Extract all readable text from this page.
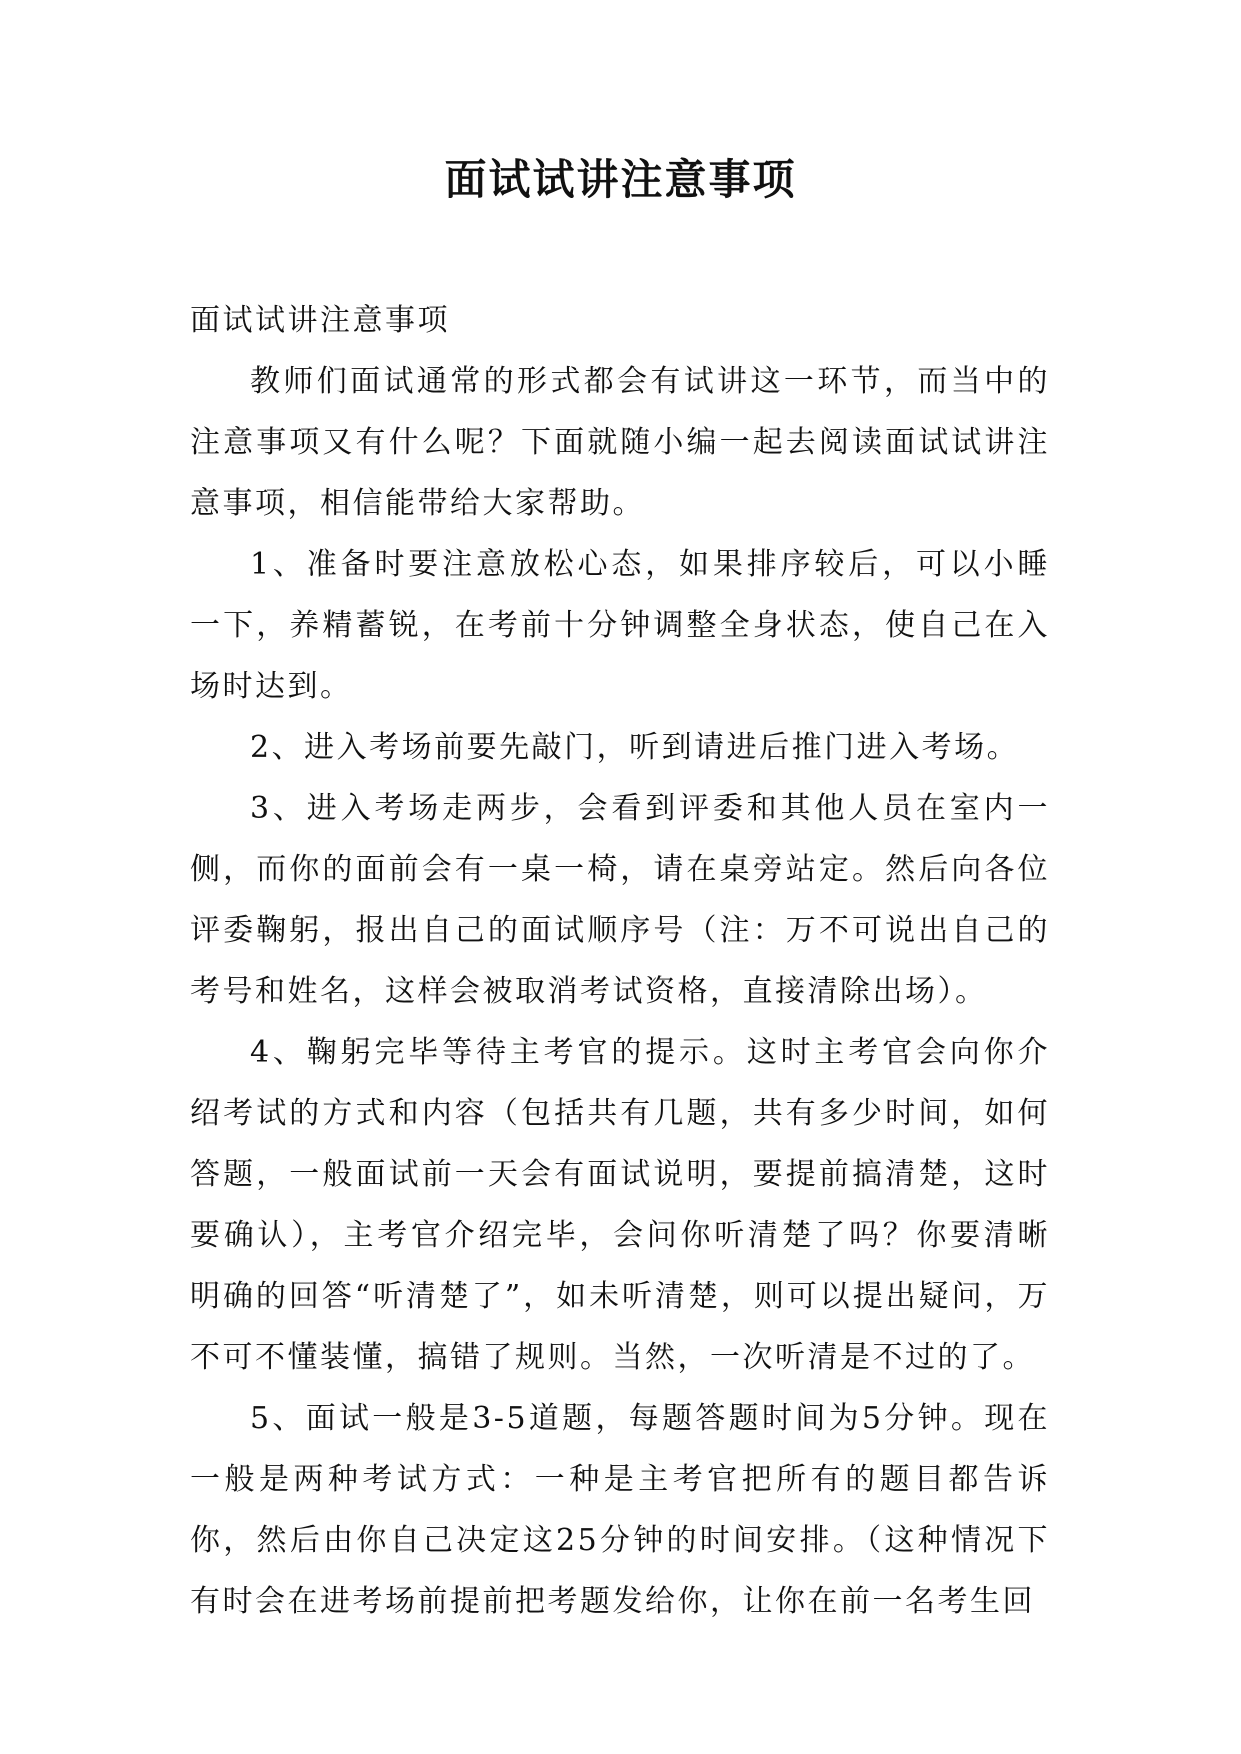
面试试讲注意事项

面试试讲注意事项

教师们面试通常的形式都会有试讲这一环节，而当中的注意事项又有什么呢？下面就随小编一起去阅读面试试讲注意事项，相信能带给大家帮助。

1、准备时要注意放松心态，如果排序较后，可以小睡一下，养精蓄锐，在考前十分钟调整全身状态，使自己在入场时达到。

2、进入考场前要先敲门，听到请进后推门进入考场。

3、进入考场走两步，会看到评委和其他人员在室内一侧，而你的面前会有一桌一椅，请在桌旁站定。然后向各位评委鞠躬，报出自己的面试顺序号（注：万不可说出自己的考号和姓名，这样会被取消考试资格，直接清除出场）。

4、鞠躬完毕等待主考官的提示。这时主考官会向你介绍考试的方式和内容（包括共有几题，共有多少时间，如何答题，一般面试前一天会有面试说明，要提前搞清楚，这时要确认），主考官介绍完毕，会问你听清楚了吗？你要清晰明确的回答“听清楚了”，如未听清楚，则可以提出疑问，万不可不懂装懂，搞错了规则。当然，一次听清是不过的了。

5、面试一般是3-5道题，每题答题时间为5分钟。现在一般是两种考试方式：一种是主考官把所有的题目都告诉你，然后由你自己决定这25分钟的时间安排。（这种情况下有时会在进考场前提前把考题发给你，让你在前一名考生回
